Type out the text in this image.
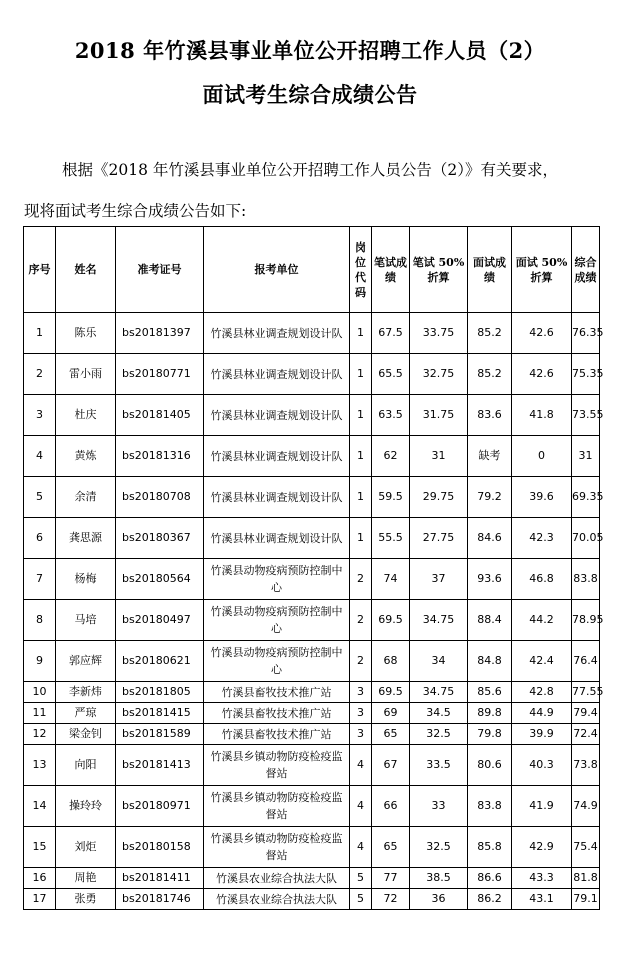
2018 年竹溪县事业单位公开招聘工作人员（2）
面试考生综合成绩公告
根据《2018 年竹溪县事业单位公开招聘工作人员公告（2）》有关要求，
现将面试考生综合成绩公告如下:
序号	姓名	准考证号	报考单位	岗位代码	笔试成绩	笔试 50%折算	面试成绩	面试 50%折算	综合成绩
1	陈乐	bs20181397	竹溪县林业调查规划设计队	1	67.5	33.75	85.2	42.6	76.35
2	雷小雨	bs20180771	竹溪县林业调查规划设计队	1	65.5	32.75	85.2	42.6	75.35
3	杜庆	bs20181405	竹溪县林业调查规划设计队	1	63.5	31.75	83.6	41.8	73.55
4	黄炼	bs20181316	竹溪县林业调查规划设计队	1	62	31	缺考	0	31
5	余清	bs20180708	竹溪县林业调查规划设计队	1	59.5	29.75	79.2	39.6	69.35
6	龚思源	bs20180367	竹溪县林业调查规划设计队	1	55.5	27.75	84.6	42.3	70.05
7	杨梅	bs20180564	竹溪县动物疫病预防控制中心	2	74	37	93.6	46.8	83.8
8	马培	bs20180497	竹溪县动物疫病预防控制中心	2	69.5	34.75	88.4	44.2	78.95
9	郭应辉	bs20180621	竹溪县动物疫病预防控制中心	2	68	34	84.8	42.4	76.4
10	李新炜	bs20181805	竹溪县畜牧技术推广站	3	69.5	34.75	85.6	42.8	77.55
11	严琼	bs20181415	竹溪县畜牧技术推广站	3	69	34.5	89.8	44.9	79.4
12	梁金钊	bs20181589	竹溪县畜牧技术推广站	3	65	32.5	79.8	39.9	72.4
13	向阳	bs20181413	竹溪县乡镇动物防疫检疫监督站	4	67	33.5	80.6	40.3	73.8
14	操玲玲	bs20180971	竹溪县乡镇动物防疫检疫监督站	4	66	33	83.8	41.9	74.9
15	刘炬	bs20180158	竹溪县乡镇动物防疫检疫监督站	4	65	32.5	85.8	42.9	75.4
16	周艳	bs20181411	竹溪县农业综合执法大队	5	77	38.5	86.6	43.3	81.8
17	张勇	bs20181746	竹溪县农业综合执法大队	5	72	36	86.2	43.1	79.1
